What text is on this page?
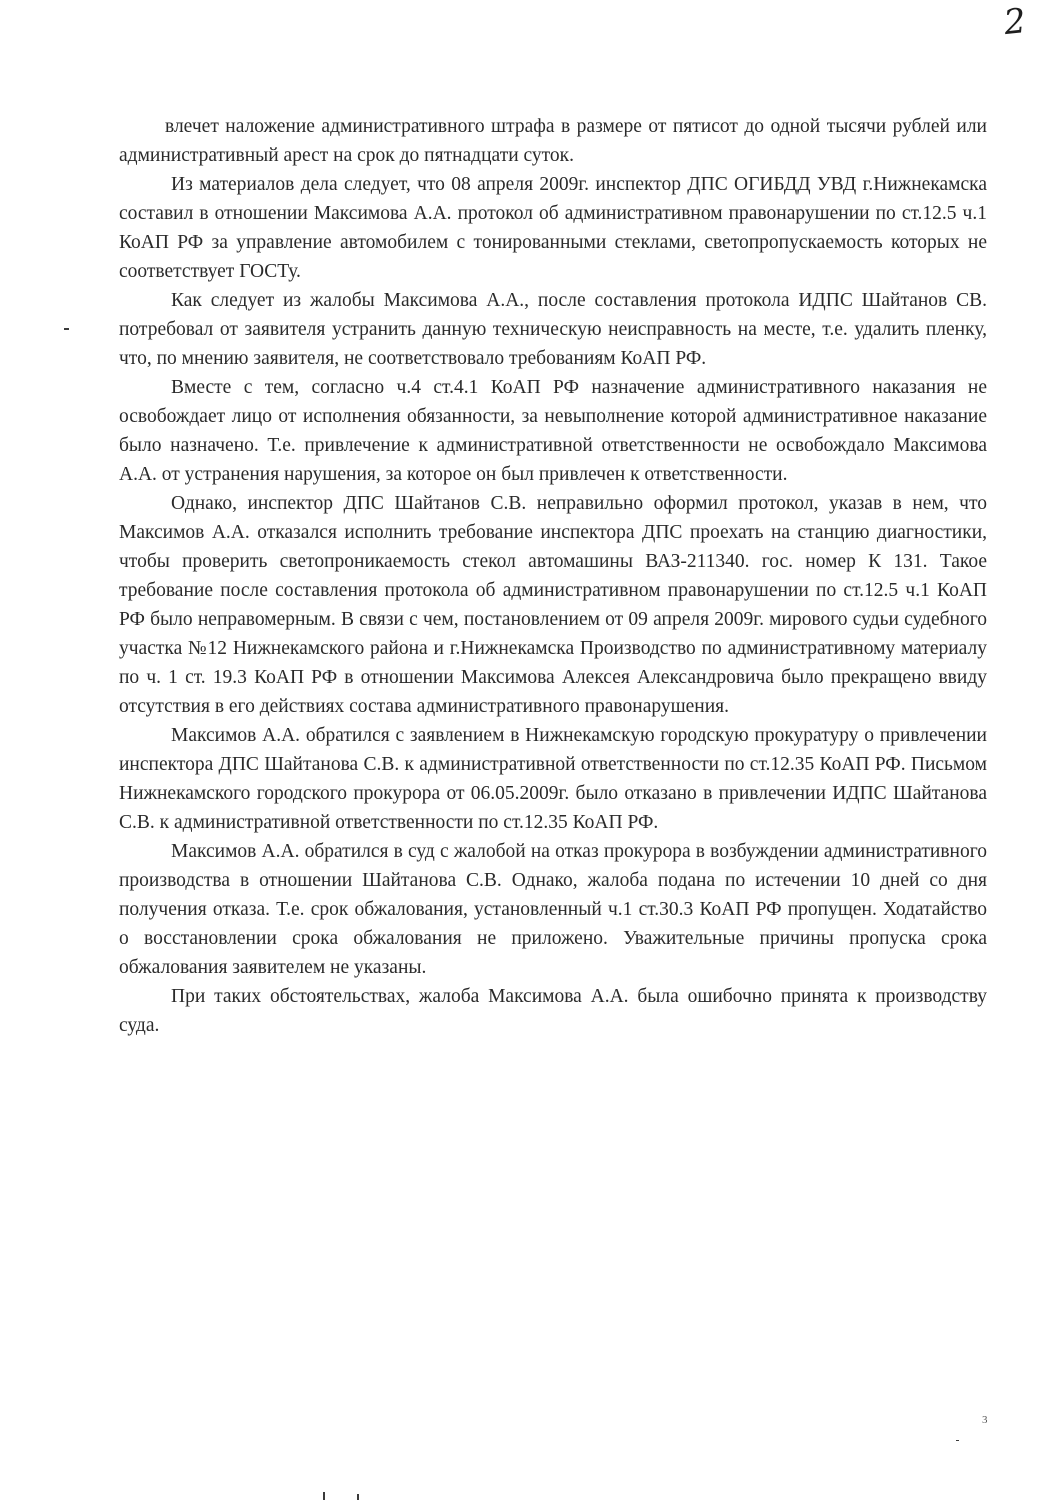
2

влечет наложение административного штрафа в размере от пятисот до одной тысячи рублей или административный арест на срок до пятнадцати суток.

Из материалов дела следует, что 08 апреля 2009г. инспектор ДПС ОГИБДД УВД г.Нижнекамска составил в отношении Максимова А.А. протокол об административном правонарушении по ст.12.5 ч.1 КоАП РФ за управление автомобилем с тонированными стеклами, светопропускаемость которых не соответствует ГОСТу.

Как следует из жалобы Максимова А.А., после составления протокола ИДПС Шайтанов СВ. потребовал от заявителя устранить данную техническую неисправность на месте, т.е. удалить пленку, что, по мнению заявителя, не соответствовало требованиям КоАП РФ.

Вместе с тем, согласно ч.4 ст.4.1 КоАП РФ назначение административного наказания не освобождает лицо от исполнения обязанности, за невыполнение которой административное наказание было назначено. Т.е. привлечение к административной ответственности не освобождало Максимова А.А. от устранения нарушения, за которое он был привлечен к ответственности.

Однако, инспектор ДПС Шайтанов С.В. неправильно оформил протокол, указав в нем, что Максимов А.А. отказался исполнить требование инспектора ДПС проехать на станцию диагностики, чтобы проверить светопроникаемость стекол автомашины ВАЗ-211340. гос. номер К 131. Такое требование после составления протокола об административном правонарушении по ст.12.5 ч.1 КоАП РФ было неправомерным. В связи с чем, постановлением от 09 апреля 2009г. мирового судьи судебного участка №12 Нижнекамского района и г.Нижнекамска Производство по административному материалу по ч. 1 ст. 19.3 КоАП РФ в отношении Максимова Алексея Александровича было прекращено ввиду отсутствия в его действиях состава административного правонарушения.

Максимов А.А. обратился с заявлением в Нижнекамскую городскую прокуратуру о привлечении инспектора ДПС Шайтанова С.В. к административной ответственности по ст.12.35 КоАП РФ. Письмом Нижнекамского городского прокурора от 06.05.2009г. было отказано в привлечении ИДПС Шайтанова С.В. к административной ответственности по ст.12.35 КоАП РФ.

Максимов А.А. обратился в суд с жалобой на отказ прокурора в возбуждении административного производства в отношении Шайтанова С.В. Однако, жалоба подана по истечении 10 дней со дня получения отказа. Т.е. срок обжалования, установленный ч.1 ст.30.3 КоАП РФ пропущен. Ходатайство о восстановлении срока обжалования не приложено. Уважительные причины пропуска срока обжалования заявителем не указаны.

При таких обстоятельствах, жалоба Максимова А.А. была ошибочно принята к производству суда.

3
